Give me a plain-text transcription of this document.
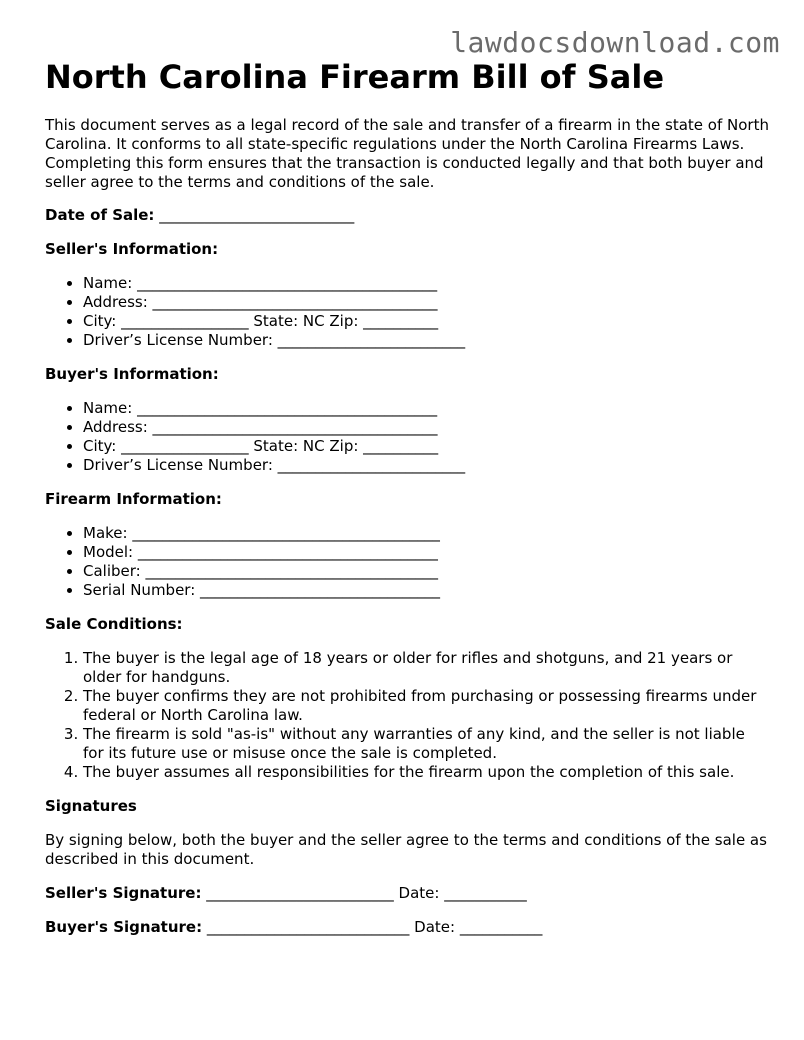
lawdocsdownload.com
North Carolina Firearm Bill of Sale

This document serves as a legal record of the sale and transfer of a firearm in the state of North Carolina. It conforms to all state-specific regulations under the North Carolina Firearms Laws. Completing this form ensures that the transaction is conducted legally and that both buyer and seller agree to the terms and conditions of the sale.

Date of Sale: __________________________

Seller's Information:

• Name: ________________________________________
• Address: ______________________________________
• City: _________________ State: NC Zip: __________
• Driver’s License Number: _________________________

Buyer's Information:

• Name: ________________________________________
• Address: ______________________________________
• City: _________________ State: NC Zip: __________
• Driver’s License Number: _________________________

Firearm Information:

• Make: _________________________________________
• Model: ________________________________________
• Caliber: _______________________________________
• Serial Number: ________________________________

Sale Conditions:

1. The buyer is the legal age of 18 years or older for rifles and shotguns, and 21 years or older for handguns.
2. The buyer confirms they are not prohibited from purchasing or possessing firearms under federal or North Carolina law.
3. The firearm is sold "as-is" without any warranties of any kind, and the seller is not liable for its future use or misuse once the sale is completed.
4. The buyer assumes all responsibilities for the firearm upon the completion of this sale.

Signatures

By signing below, both the buyer and the seller agree to the terms and conditions of the sale as described in this document.

Seller's Signature: _________________________ Date: ___________

Buyer's Signature: ___________________________ Date: ___________
